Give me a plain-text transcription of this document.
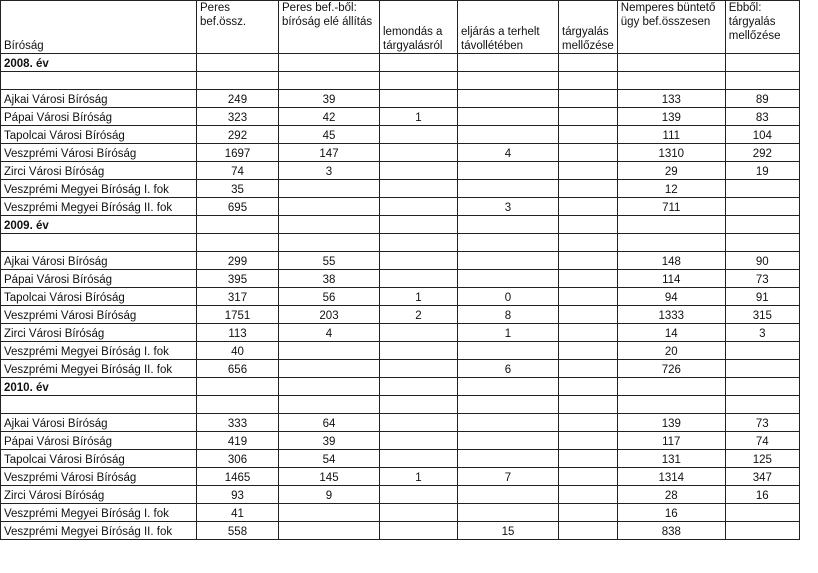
Bíróság	Peres bef.össz.	Peres bef.-ből: bíróság elé állítás	lemondás a tárgyalásról	eljárás a terhelt távollétében	tárgyalás mellőzése	Nemperes büntető ügy bef.összesen	Ebből: tárgyalás mellőzése
2008. év							

Ajkai Városi Bíróság	249	39				133	89
Pápai Városi Bíróság	323	42	1			139	83
Tapolcai Városi Bíróság	292	45				111	104
Veszprémi Városi Bíróság	1697	147		4		1310	292
Zirci Városi Bíróság	74	3				29	19
Veszprémi Megyei Bíróság I. fok	35					12	
Veszprémi Megyei Bíróság II. fok	695			3		711	
2009. év							

Ajkai Városi Bíróság	299	55				148	90
Pápai Városi Bíróság	395	38				114	73
Tapolcai Városi Bíróság	317	56	1	0		94	91
Veszprémi Városi Bíróság	1751	203	2	8		1333	315
Zirci Városi Bíróság	113	4		1		14	3
Veszprémi Megyei Bíróság I. fok	40					20	
Veszprémi Megyei Bíróság II. fok	656			6		726	
2010. év							

Ajkai Városi Bíróság	333	64				139	73
Pápai Városi Bíróság	419	39				117	74
Tapolcai Városi Bíróság	306	54				131	125
Veszprémi Városi Bíróság	1465	145	1	7		1314	347
Zirci Városi Bíróság	93	9				28	16
Veszprémi Megyei Bíróság I. fok	41					16	
Veszprémi Megyei Bíróság II. fok	558			15		838	
